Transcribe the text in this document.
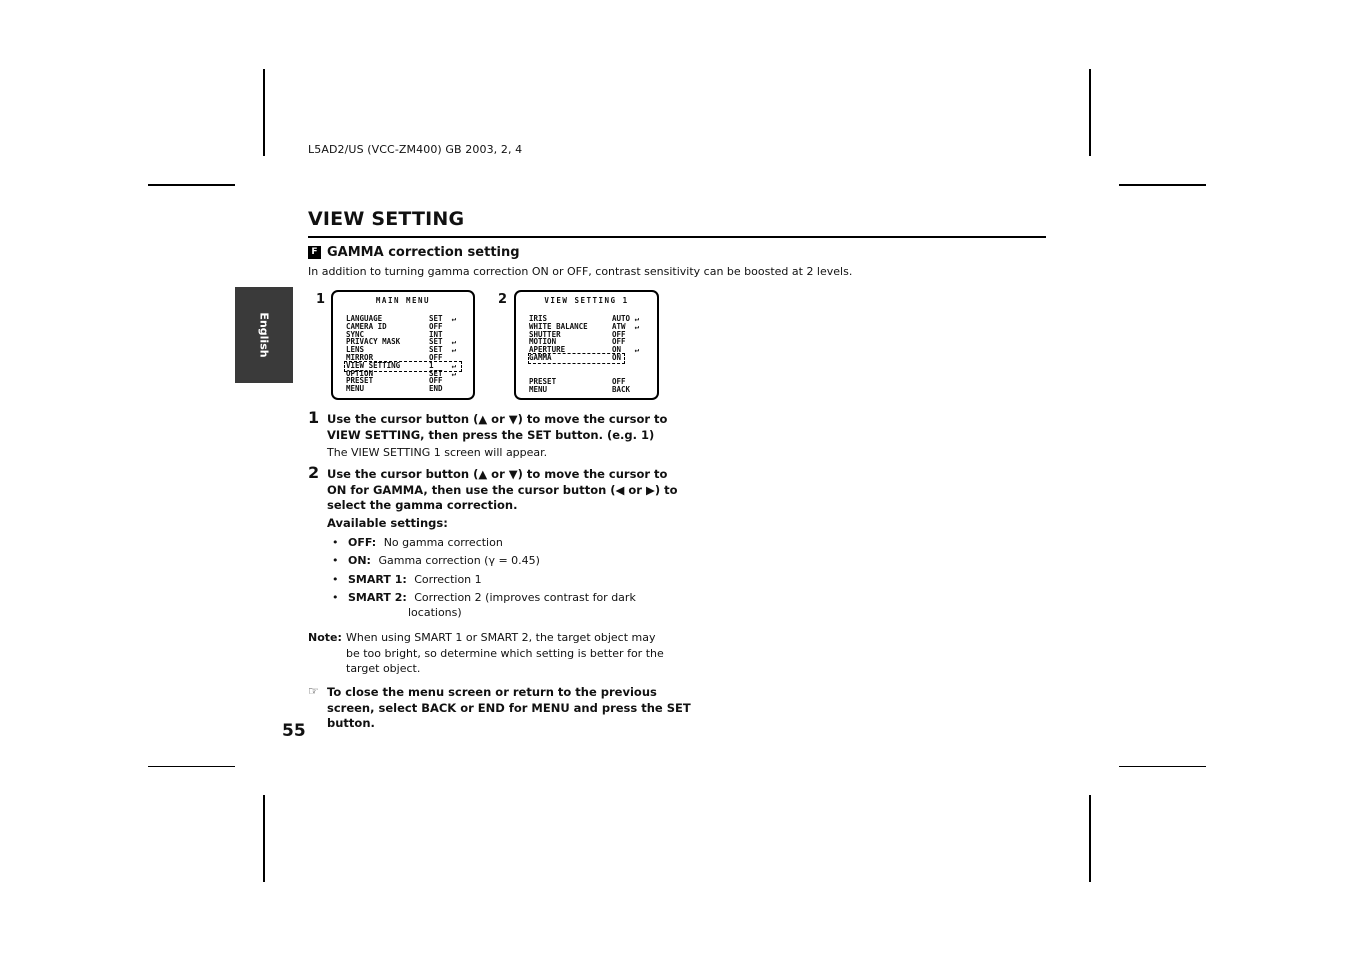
L5AD2/US (VCC-ZM400) GB 2003, 2, 4
VIEW SETTING
English
F GAMMA correction setting
In addition to turning gamma correction ON or OFF, contrast sensitivity can be boosted at 2 levels.
1	MAIN MENU
LANGUAGE	SET  ↵
CAMERA ID	OFF
SYNC	INT
PRIVACY MASK	SET  ↵
LENS	SET  ↵
MIRROR	OFF
VIEW SETTING	1    ↵
OPTION	SET  ↵
PRESET	OFF
MENU	END
2	VIEW SETTING 1
IRIS	AUTO ↵
WHITE BALANCE	ATW  ↵
SHUTTER	OFF
MOTION	OFF
APERTURE	ON   ↵
GAMMA	ON
PRESET	OFF
MENU	BACK
1 Use the cursor button (▲ or ▼) to move the cursor to
VIEW SETTING, then press the SET button. (e.g. 1)
The VIEW SETTING 1 screen will appear.
2 Use the cursor button (▲ or ▼) to move the cursor to
ON for GAMMA, then use the cursor button (◀ or ▶) to
select the gamma correction.
Available settings:
• OFF: No gamma correction
• ON: Gamma correction (γ = 0.45)
• SMART 1: Correction 1
• SMART 2: Correction 2 (improves contrast for dark
locations)
Note: When using SMART 1 or SMART 2, the target object may
be too bright, so determine which setting is better for the
target object.
☞ To close the menu screen or return to the previous
screen, select BACK or END for MENU and press the SET
button.
55
